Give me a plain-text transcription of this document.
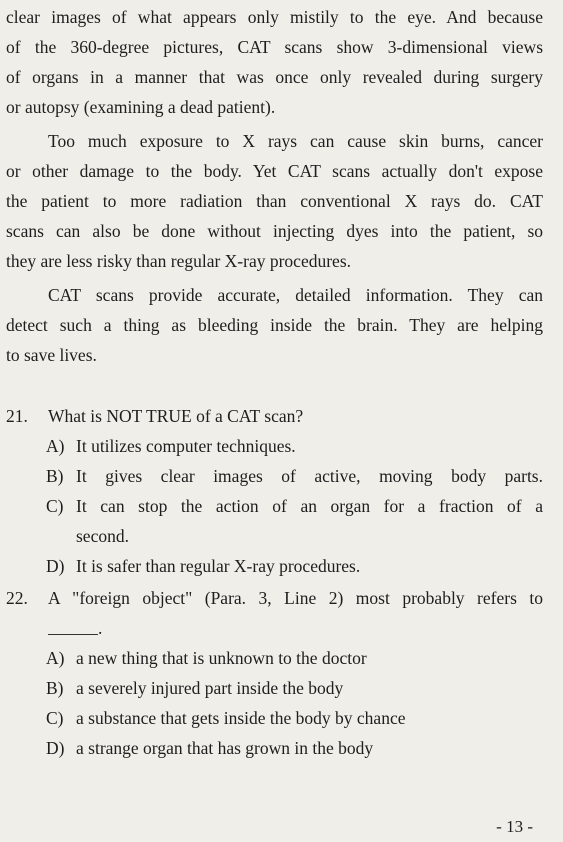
clear images of what appears only mistily to the eye. And because
of the 360-degree pictures, CAT scans show 3-dimensional views
of organs in a manner that was once only revealed during surgery
or autopsy (examining a dead patient).
Too much exposure to X rays can cause skin burns, cancer
or other damage to the body. Yet CAT scans actually don't expose
the patient to more radiation than conventional X rays do. CAT
scans can also be done without injecting dyes into the patient, so
they are less risky than regular X-ray procedures.
CAT scans provide accurate, detailed information. They can
detect such a thing as bleeding inside the brain. They are helping
to save lives.
21. What is NOT TRUE of a CAT scan?
A) It utilizes computer techniques.
B) It gives clear images of active, moving body parts.
C) It can stop the action of an organ for a fraction of a
second.
D) It is safer than regular X-ray procedures.
22. A "foreign object" (Para. 3, Line 2) most probably refers to
.
A) a new thing that is unknown to the doctor
B) a severely injured part inside the body
C) a substance that gets inside the body by chance
D) a strange organ that has grown in the body
- 13 -
